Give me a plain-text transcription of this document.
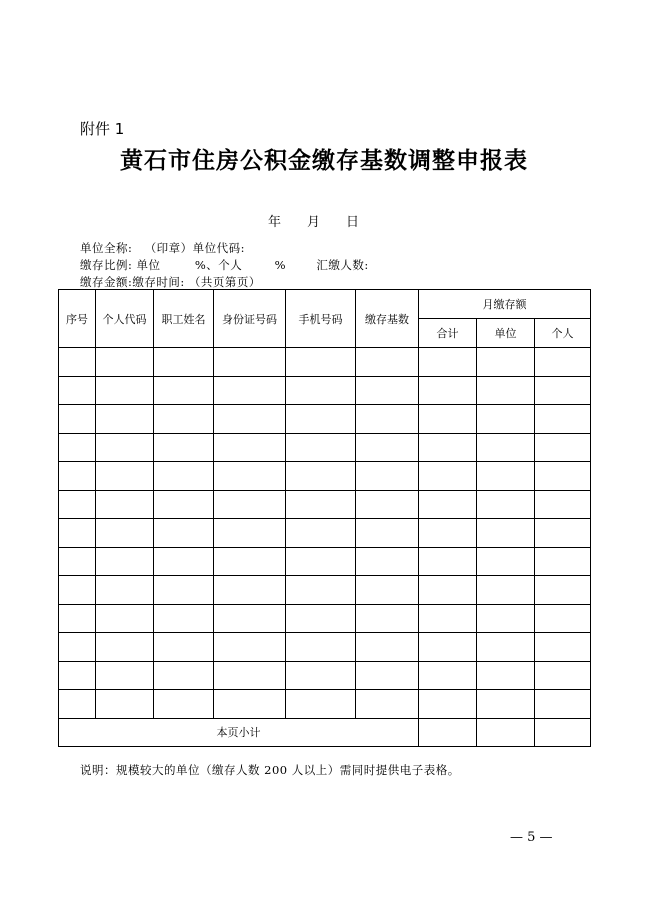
附件 1
黄石市住房公积金缴存基数调整申报表
年 月 日
单位全称: （印章）单位代码:
缴存比例: 单位	%、个人	%	汇缴人数:
缴存金额:缴存时间: （共页第页）
序号	个人代码	职工姓名	身份证号码	手机号码	缴存基数	月缴存额		
						合计	单位	个人

本页小计								
说明：规模较大的单位（缴存人数 200 人以上）需同时提供电子表格。
— 5 —
